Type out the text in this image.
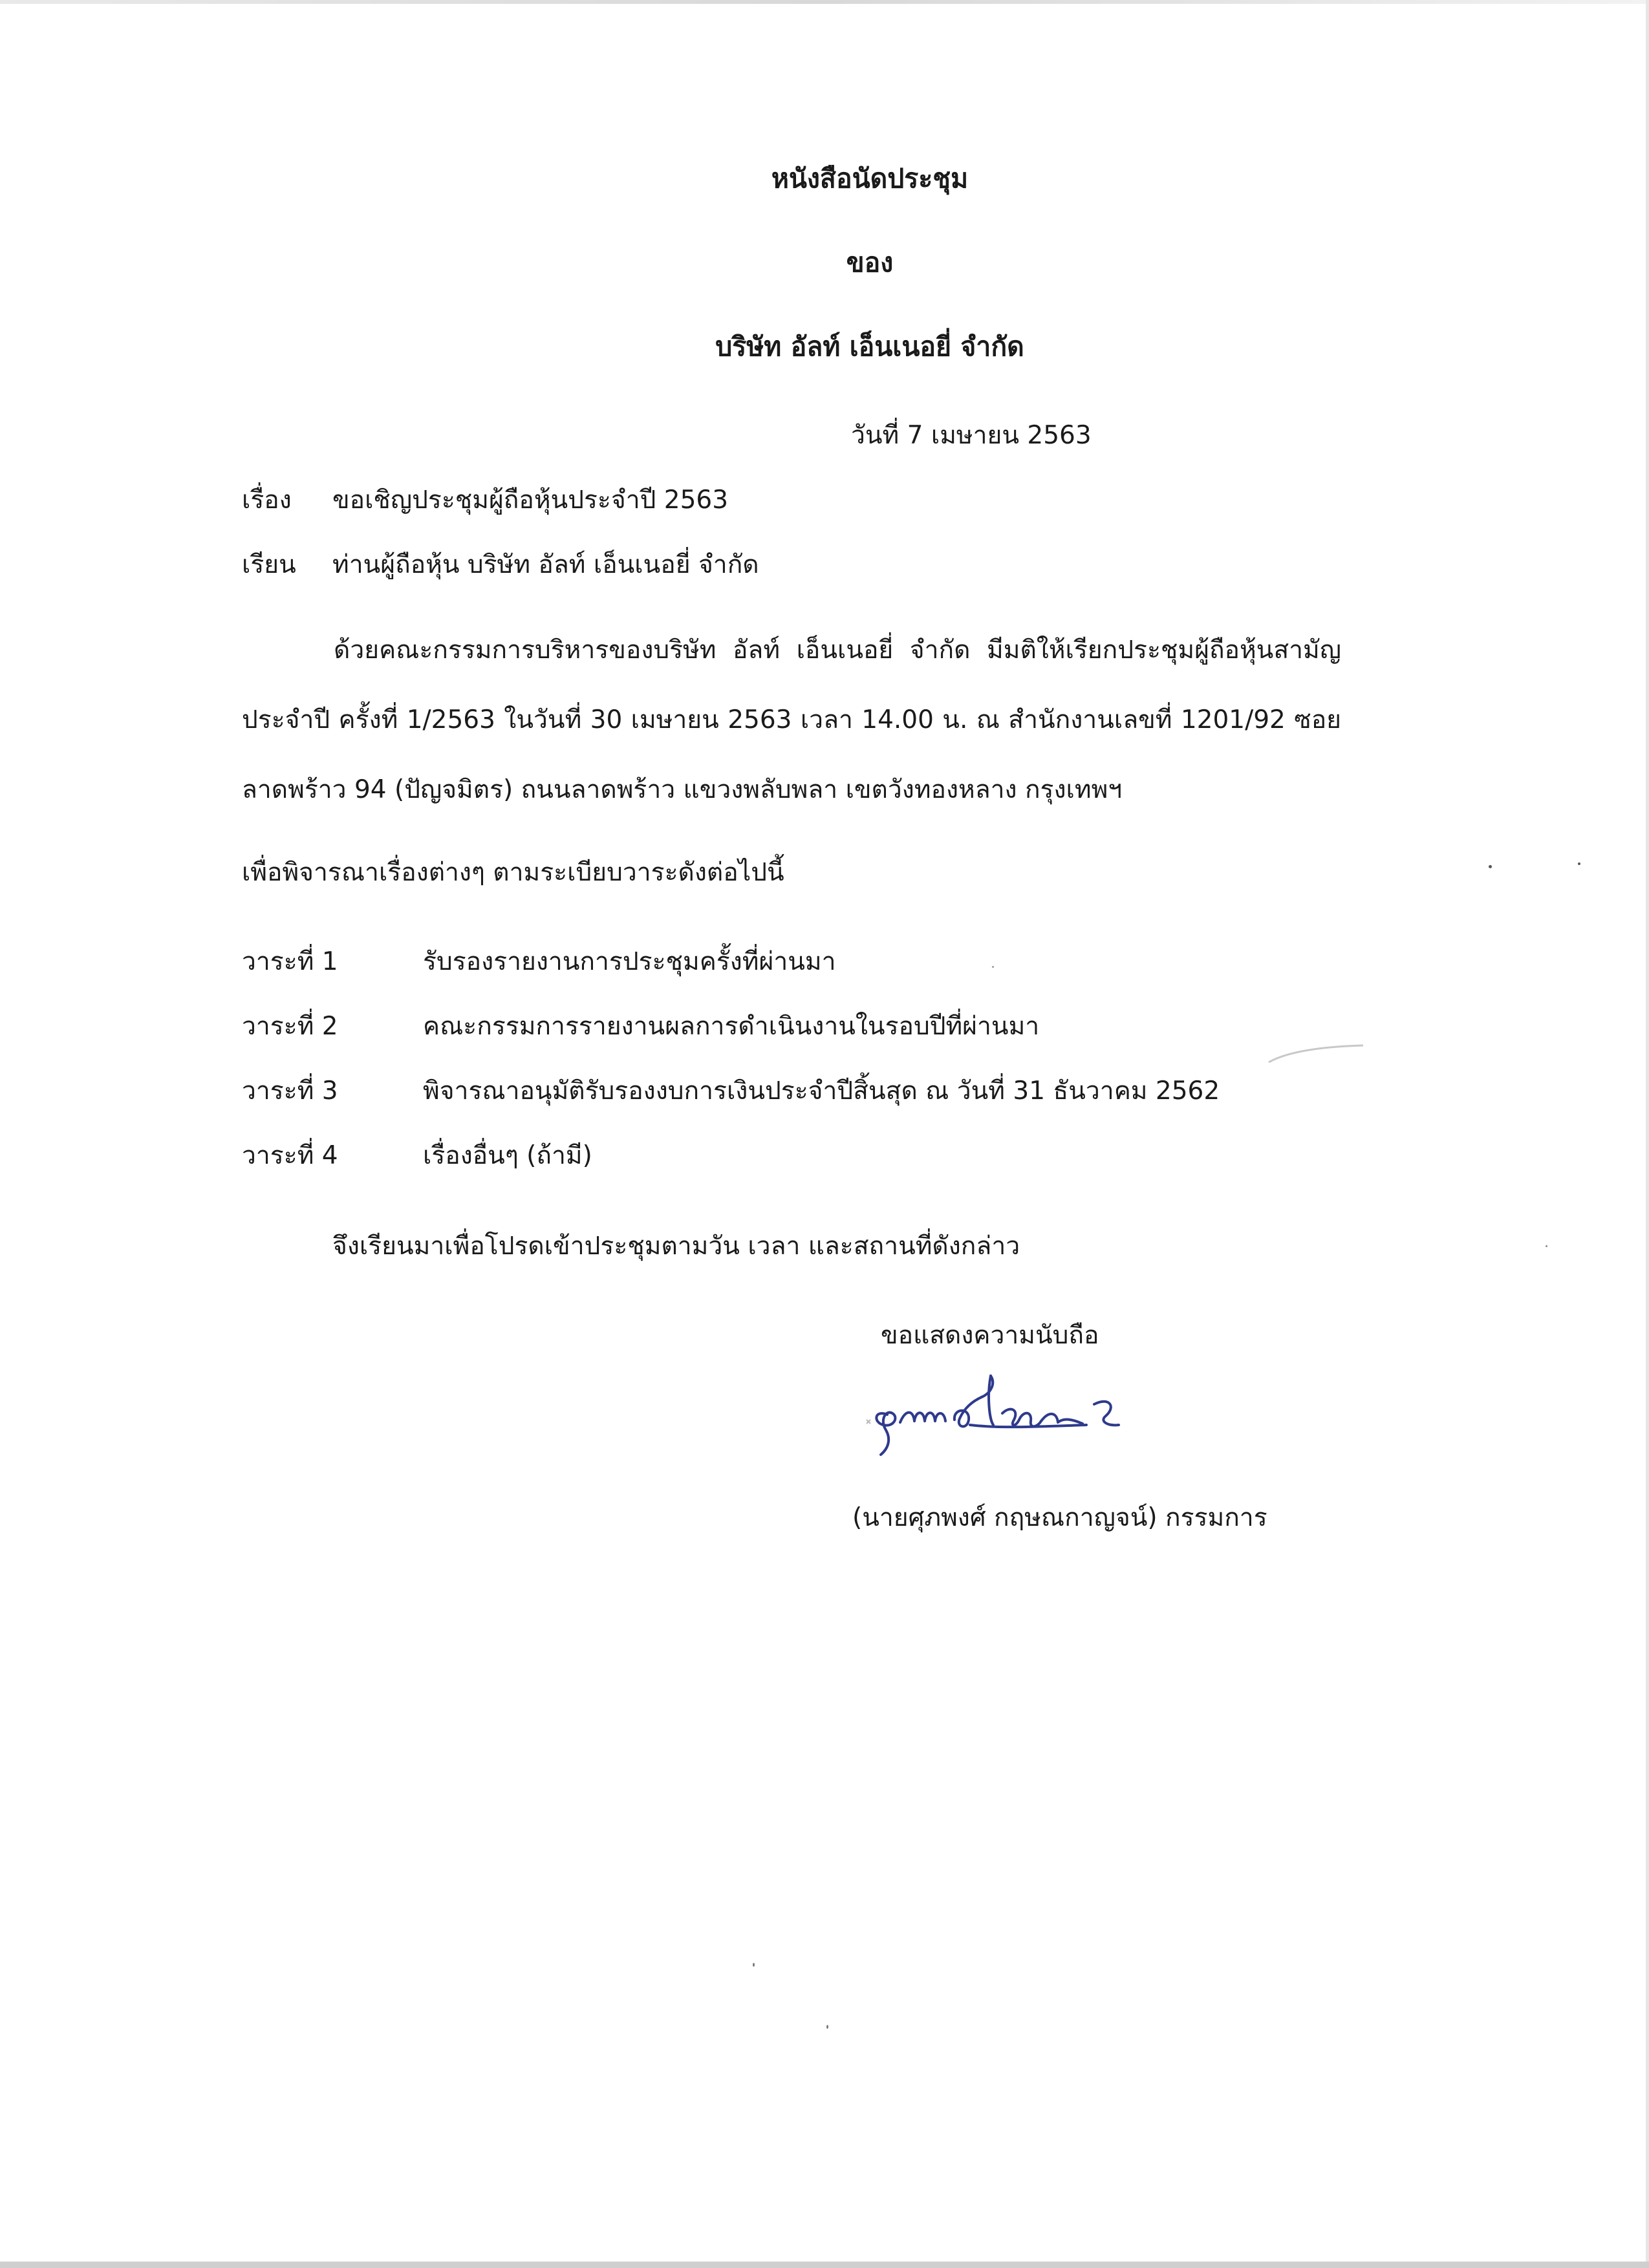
หนังสือนัดประชุม
ของ
บริษัท อัลท์ เอ็นเนอยี่ จำกัด
วันที่ 7 เมษายน 2563
เรื่อง ขอเชิญประชุมผู้ถือหุ้นประจำปี 2563
เรียน ท่านผู้ถือหุ้น บริษัท อัลท์ เอ็นเนอยี่ จำกัด
ด้วยคณะกรรมการบริหารของบริษัท อัลท์ เอ็นเนอยี่ จำกัด มีมติให้เรียกประชุมผู้ถือหุ้นสามัญ ประจำปี ครั้งที่ 1/2563 ในวันที่ 30 เมษายน 2563 เวลา 14.00 น. ณ สำนักงานเลขที่ 1201/92 ซอยลาดพร้าว 94 (ปัญจมิตร) ถนนลาดพร้าว แขวงพลับพลา เขตวังทองหลาง กรุงเทพฯ
เพื่อพิจารณาเรื่องต่างๆ ตามระเบียบวาระดังต่อไปนี้
วาระที่ 1	รับรองรายงานการประชุมครั้งที่ผ่านมา
วาระที่ 2	คณะกรรมการรายงานผลการดำเนินงานในรอบปีที่ผ่านมา
วาระที่ 3	พิจารณาอนุมัติรับรองงบการเงินประจำปีสิ้นสุด ณ วันที่ 31 ธันวาคม 2562
วาระที่ 4	เรื่องอื่นๆ (ถ้ามี)
จึงเรียนมาเพื่อโปรดเข้าประชุมตามวัน เวลา และสถานที่ดังกล่าว
ขอแสดงความนับถือ
(นายศุภพงศ์ กฤษณกาญจน์) กรรมการ
